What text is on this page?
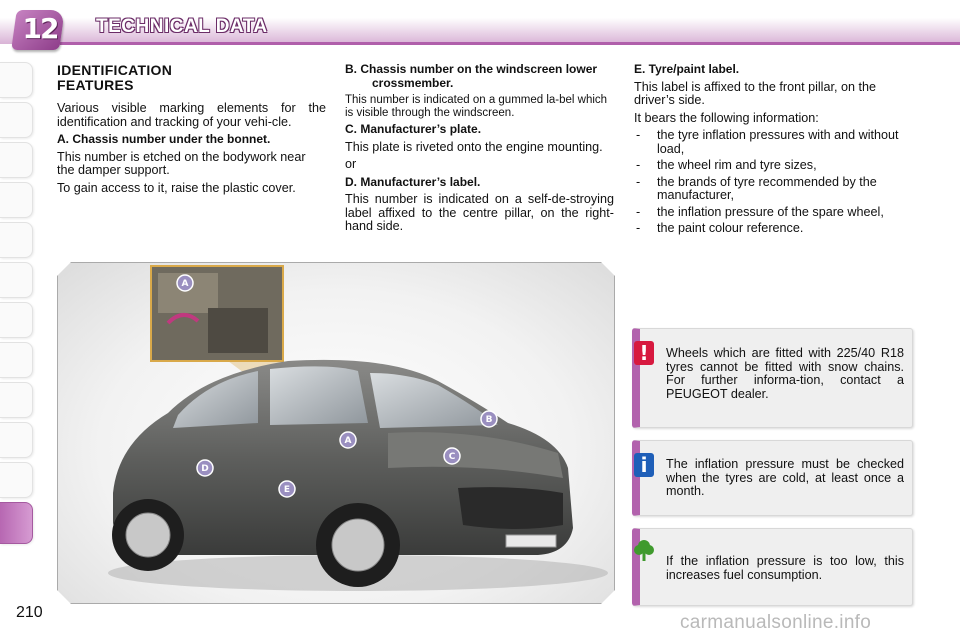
12 TECHNICAL DATA
IDENTIFICATION FEATURES

Various visible marking elements for the identification and tracking of your vehi-cle.

A. Chassis number under the bonnet.

This number is etched on the bodywork near the damper support.

To gain access to it, raise the plastic cover.

B. Chassis number on the windscreen lower crossmember.

This number is indicated on a gummed la-bel which is visible through the windscreen.

C. Manufacturer’s plate.

This plate is riveted onto the engine mounting.

or

D. Manufacturer’s label.

This number is indicated on a self-de-stroying label affixed to the centre pillar, on the right-hand side.

E. Tyre/paint label.

This label is affixed to the front pillar, on the driver’s side.

It bears the following information:

- the tyre inflation pressures with and without load,
- the wheel rim and tyre sizes,
- the brands of tyre recommended by the manufacturer,
- the inflation pressure of the spare wheel,
- the paint colour reference.
A
A
B
C
D
E
!	Wheels which are fitted with 225/40 R18 tyres cannot be fitted with snow chains. For further informa-tion, contact a PEUGEOT dealer.
i	The inflation pressure must be checked when the tyres are cold, at least once a month.
If the inflation pressure is too low, this increases fuel consumption.
210	carmanualsonline.info
